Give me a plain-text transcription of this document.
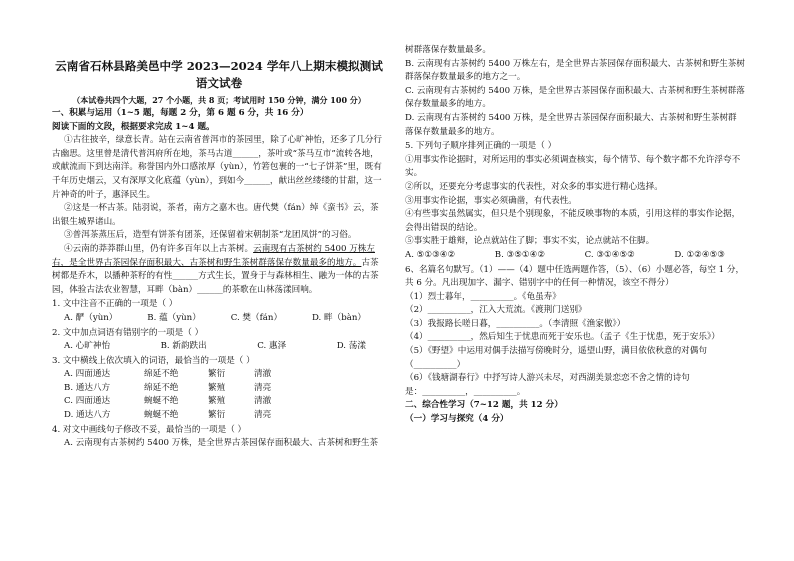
云南省石林县路美邑中学 2023—2024 学年八上期末模拟测试
语文试卷
（本试卷共四个大题，27 个小题，共 8 页；考试用时 150 分钟，满分 100 分）

一、积累与运用（1~5 题，每题 2 分，第 6 题 6 分，共 16 分）

阅读下面的文段，根据要求完成 1~4 题。

①古往披辛，绿意长青。站在云南省普洱市的茶园里，除了心旷神怡，还多了几分行古幽思。这里曾是清代普洱府所在地，茶马古道______，茶叶或“茶马互市”流转各地，或献流而下到达南洋。称誉国内外口感浓厚（yùn），竹箬包裹的一“七子饼茶”里，既有千年历史烟云，又有深厚文化底蕴（yùn），到如今______，献出丝丝缕缕的甘甜，这一片神奇的叶子，惠泽民生。

②这是一杯古茶。陆羽说，茶者，南方之嘉木也。唐代樊（fán）绰《蛮书》云，茶出银生城界诸山。

③普洱茶蒸压后，造型有饼茶有团茶，还保留着宋朝制茶“龙团凤饼”的习俗。

④云南的莽莽群山里，仍有许多百年以上古茶树。云南现有古茶树约 5400 万株左右，是全世界古茶园保存面积最大、古茶树和野生茶树群落保存数量最多的地方。古茶树都是乔木，以播种茶籽的有性______方式生长，置身于与森林相生、融为一体的古茶园，体验古法农业智慧，耳畔（bàn）______的茶歌在山林荡漾回响。

1. 文中注音不正确的一项是（ ）

A. 酽（yùn）	B. 蕴（yùn）	C. 樊（fán）	D. 畔（bàn）

2. 文中加点词语有错别字的一项是（ ）

A. 心旷神怡	B. 新韵跌出	C. 惠泽	D. 荡漾

3. 文中横线上依次填入的词语，最恰当的一项是（ ）

A. 四面通达	绵延不绝	繁衍	清澈
B. 通达八方	绵延不绝	繁殖	清亮
C. 四面通达	蜿蜒不绝	繁殖	清澈
D. 通达八方	蜿蜒不绝	繁衍	清亮

4. 对文中画线句子修改不妥，最恰当的一项是（ ）

A. 云南现有古茶树约 5400 万株，是全世界古茶园保存面积最大、古茶树和野生茶

树群落保存数量最多。

B. 云南现有古茶树约 5400 万株左右，是全世界古茶园保存面积最大、古茶树和野生茶树群落保存数量最多的地方之一。

C. 云南现有古茶树约 5400 万株，是全世界古茶园保存面积最大、古茶树和野生茶树群落保存数量最多的地方。

D. 云南现有古茶树约 5400 万株，是全世界古茶园保存面积最大、古茶树和野生茶树群落保存数量最多的地方。

5. 下列句子顺序排列正确的一项是（ ）

①用事实作论据时，对所运用的事实必须调查核实，每个情节、每个数字都不允许浮夸不实。

②所以，还要充分考虑事实的代表性，对众多的事实进行精心选择。

③用事实作论据，事实必须确凿，有代表性。

④有些事实虽然属实，但只是个别现象，不能反映事物的本质，引用这样的事实作论据，会得出错误的结论。

⑤事实胜于雄辩，论点就站住了脚；事实不实，论点就站不住脚。

A. ⑤①③④②	B. ③⑤①④②	C. ③①④⑤②	D. ①②④⑤③

6、名篇名句默写。（1）——（4）题中任选两题作答，（5）、（6）小题必答，每空 1 分，共 6 分。凡出现加字、漏字、错别字中的任何一种情况，该空不得分）

（1）烈士暮年，__________。《龟虽寿》

（2）__________，江入大荒流。《渡荆门送别》

（3）我报路长嗟日暮，__________。（李清照《渔家傲》）

（4）__________，然后知生于忧患而死于安乐也。（孟子《生于忧患，死于安乐》）

（5）《野望》中运用对偶手法描写傍晚时分，遥望山野，满目依依秋意的对偶句（__________）

（6）《钱塘湖春行》中抒写诗人游兴未尽，对西湖美景恋恋不舍之情的诗句

是：__________，__________。

二、综合性学习（7~12 题，共 12 分）

（一）学习与探究（4 分）
